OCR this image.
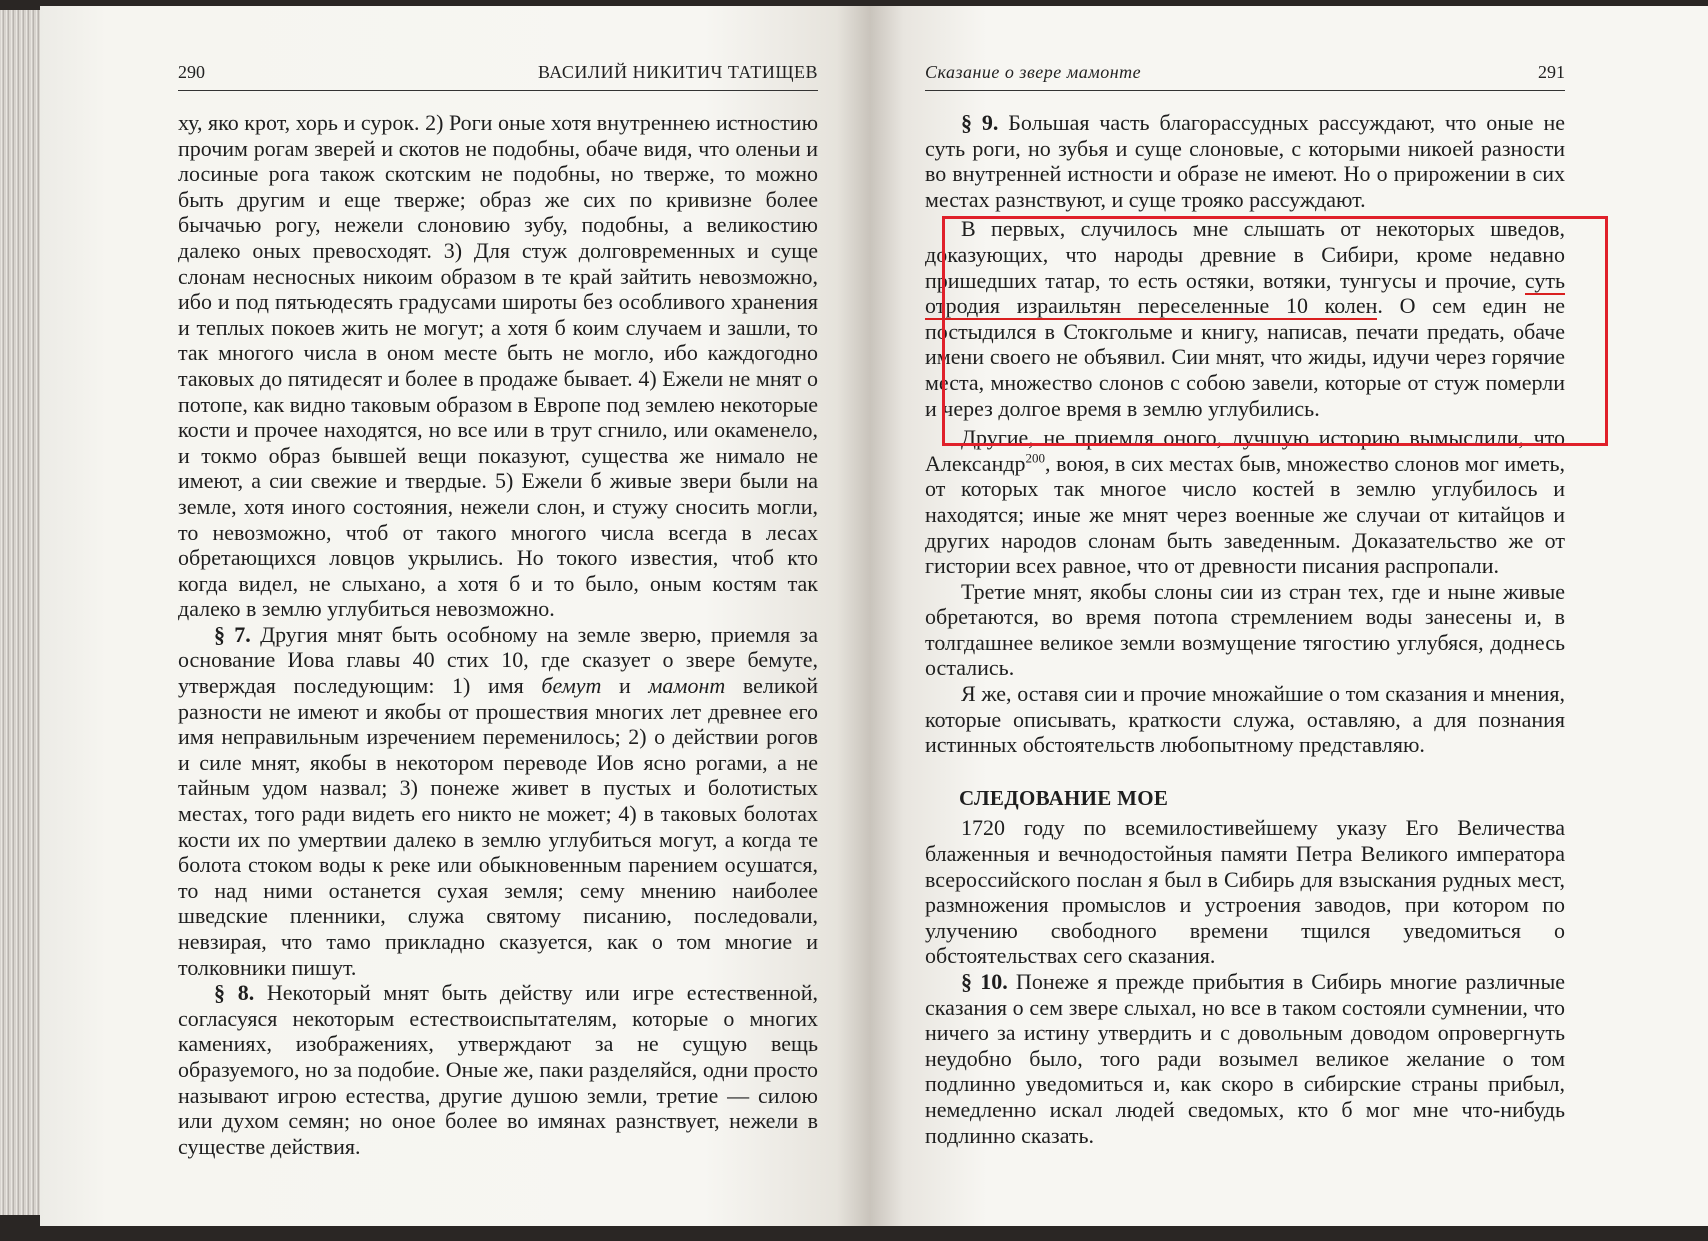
290	ВАСИЛИЙ НИКИТИЧ ТАТИЩЕВ

ху, яко крот, хорь и сурок. 2) Роги оные хотя внутреннею истностию прочим рогам зверей и скотов не подобны, обаче видя, что оленьи и лосиные рога також скотским не подобны, но тверже, то можно быть другим и еще тверже; образ же сих по кривизне более бычачью рогу, нежели слоновию зубу, подобны, а великостию далеко оных превосходят. 3) Для стуж долговременных и суще слонам несносных никоим образом в те край зайтить невозможно, ибо и под пятьюдесять градусами широты без особливого хранения и теплых покоев жить не могут; а хотя б коим случаем и зашли, то так многого числа в оном месте быть не могло, ибо каждогодно таковых до пятидесят и более в продаже бывает. 4) Ежели не мнят о потопе, как видно таковым образом в Европе под землею некоторые кости и прочее находятся, но все или в трут сгнило, или окаменело, и токмо образ бывшей вещи показуют, существа же нимало не имеют, а сии свежие и твердые. 5) Ежели б живые звери были на земле, хотя иного состояния, нежели слон, и стужу сносить могли, то невозможно, чтоб от такого многого числа всегда в лесах обретающихся ловцов укрылись. Но токого известия, чтоб кто когда видел, не слыхано, а хотя б и то было, оным костям так далеко в землю углубиться невозможно.

§ 7. Другия мнят быть особному на земле зверю, приемля за основание Иова главы 40 стих 10, где сказует о звере бемуте, утверждая последующим: 1) имя бемут и мамонт великой разности не имеют и якобы от прошествия многих лет древнее его имя неправильным изречением переменилось; 2) о действии рогов и силе мнят, якобы в некотором переводе Иов ясно рогами, а не тайным удом назвал; 3) понеже живет в пустых и болотистых местах, того ради видеть его никто не может; 4) в таковых болотах кости их по умертвии далеко в землю углубиться могут, а когда те болота стоком воды к реке или обыкновенным парением осушатся, то над ними останется сухая земля; сему мнению наиболее шведские пленники, служа святому писанию, последовали, невзирая, что тамо прикладно сказуется, как о том многие и толковники пишут.

§ 8. Некоторый мнят быть действу или игре естественной, согласуяся некоторым естествоиспытателям, которые о многих камениях, изображениях, утверждают за не сущую вещь образуемого, но за подобие. Оные же, паки разделяйся, одни просто называют игрою естества, другие душою земли, третие — силою или духом семян; но оное более во имянах разнствует, нежели в существе действия.

Сказание о звере мамонте	291

§ 9. Большая часть благорассудных рассуждают, что оные не суть роги, но зубья и суще слоновые, с которыми никоей разности во внутренней истности и образе не имеют. Но о прирожении в сих местах разнствуют, и суще трояко рассуждают.

В первых, случилось мне слышать от некоторых шведов, доказующих, что народы древние в Сибири, кроме недавно пришедших татар, то есть остяки, вотяки, тунгусы и прочие, суть отродия израильтян переселенные 10 колен. О сем един не постыдился в Стокгольме и книгу, написав, печати предать, обаче имени своего не объявил. Сии мнят, что жиды, идучи через горячие места, множество слонов с собою завели, которые от стуж померли и через долгое время в землю углубились.

Другие, не приемля оного, лучшую историю вымыслили, что Александр$^{200}$, воюя, в сих местах быв, множество слонов мог иметь, от которых так многое число костей в землю углубилось и находятся; иные же мнят через военные же случаи от китайцов и других народов слонам быть заведенным. Доказательство же от гистории всех равное, что от древности писания распропали.

Третие мнят, якобы слоны сии из стран тех, где и ныне живые обретаются, во время потопа стремлением воды занесены и, в толгдашнее великое земли возмущение тягостию углубяся, доднесь остались.

Я же, оставя сии и прочие множайшие о том сказания и мнения, которые описывать, краткости служа, оставляю, а для познания истинных обстоятельств любопытному представляю.

СЛЕДОВАНИЕ МОЕ

1720 году по всемилостивейшему указу Его Величества блаженныя и вечнодостойныя памяти Петра Великого императора всероссийского послан я был в Сибирь для взыскания рудных мест, размножения промыслов и устроения заводов, при котором по улучению свободного времени тщился уведомиться о обстоятельствах сего сказания.

§ 10. Понеже я прежде прибытия в Сибирь многие различные сказания о сем звере слыхал, но все в таком состояли сумнении, что ничего за истину утвердить и с довольным доводом опровергнуть неудобно было, того ради возымел великое желание о том подлинно уведомиться и, как скоро в сибирские страны прибыл, немедленно искал людей сведомых, кто б мог мне что-нибудь подлинно сказать.
